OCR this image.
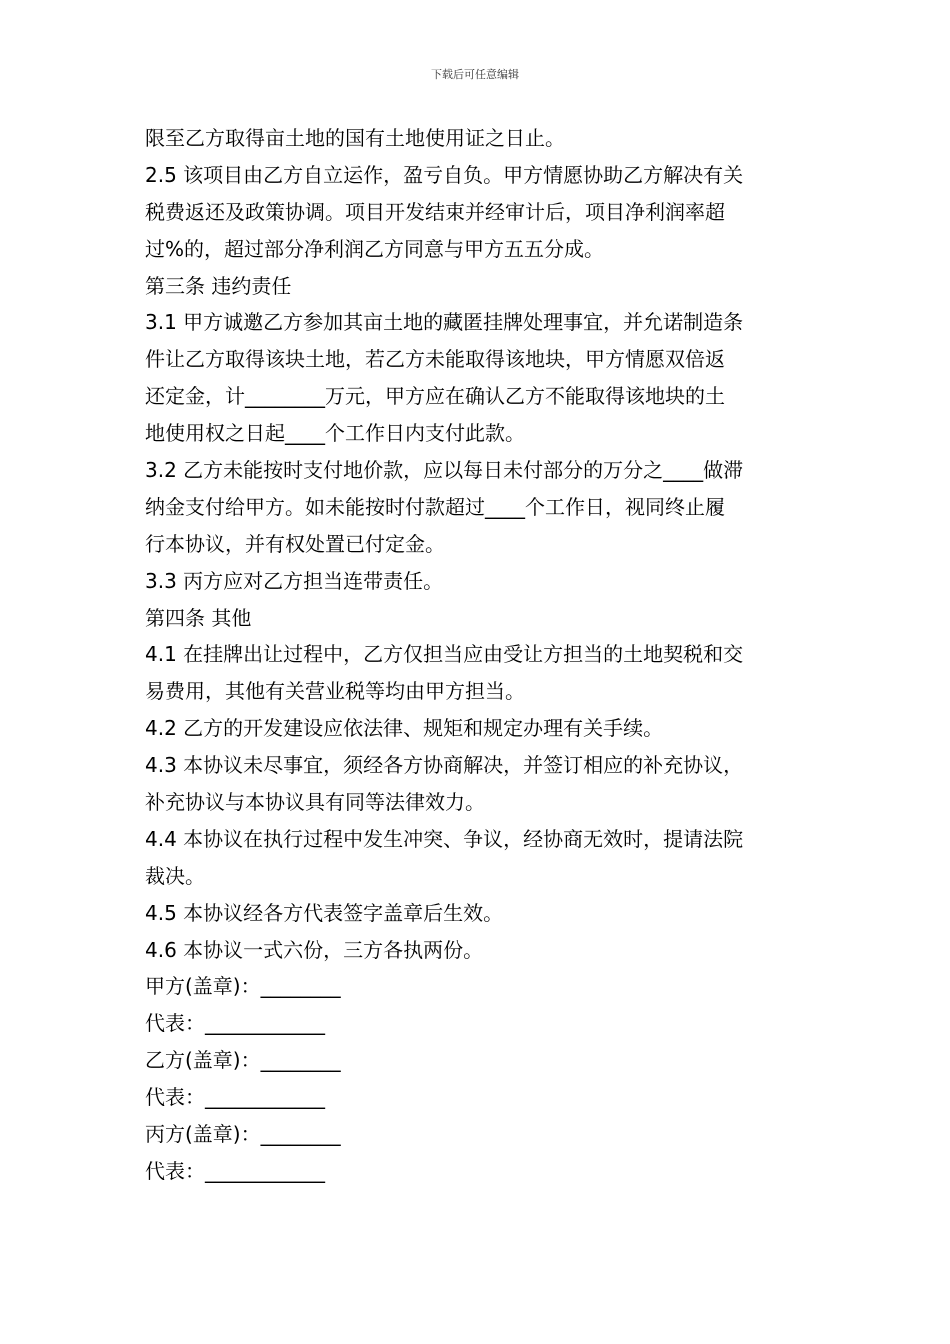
下载后可任意编辑
限至乙方取得亩土地的国有土地使用证之日止。
2.5 该项目由乙方自立运作，盈亏自负。甲方情愿协助乙方解决有关
税费返还及政策协调。项目开发结束并经审计后，项目净利润率超
过%的，超过部分净利润乙方同意与甲方五五分成。
第三条 违约责任
3.1 甲方诚邀乙方参加其亩土地的藏匿挂牌处理事宜，并允诺制造条
件让乙方取得该块土地，若乙方未能取得该地块，甲方情愿双倍返
还定金，计________万元，甲方应在确认乙方不能取得该地块的土
地使用权之日起____个工作日内支付此款。
3.2 乙方未能按时支付地价款，应以每日未付部分的万分之____做滞
纳金支付给甲方。如未能按时付款超过____个工作日，视同终止履
行本协议，并有权处置已付定金。
3.3 丙方应对乙方担当连带责任。
第四条 其他
4.1 在挂牌出让过程中，乙方仅担当应由受让方担当的土地契税和交
易费用，其他有关营业税等均由甲方担当。
4.2 乙方的开发建设应依法律、规矩和规定办理有关手续。
4.3 本协议未尽事宜，须经各方协商解决，并签订相应的补充协议，
补充协议与本协议具有同等法律效力。
4.4 本协议在执行过程中发生冲突、争议，经协商无效时，提请法院
裁决。
4.5 本协议经各方代表签字盖章后生效。
4.6 本协议一式六份，三方各执两份。
甲方(盖章)：________
代表：____________
乙方(盖章)：________
代表：____________
丙方(盖章)：________
代表：____________
